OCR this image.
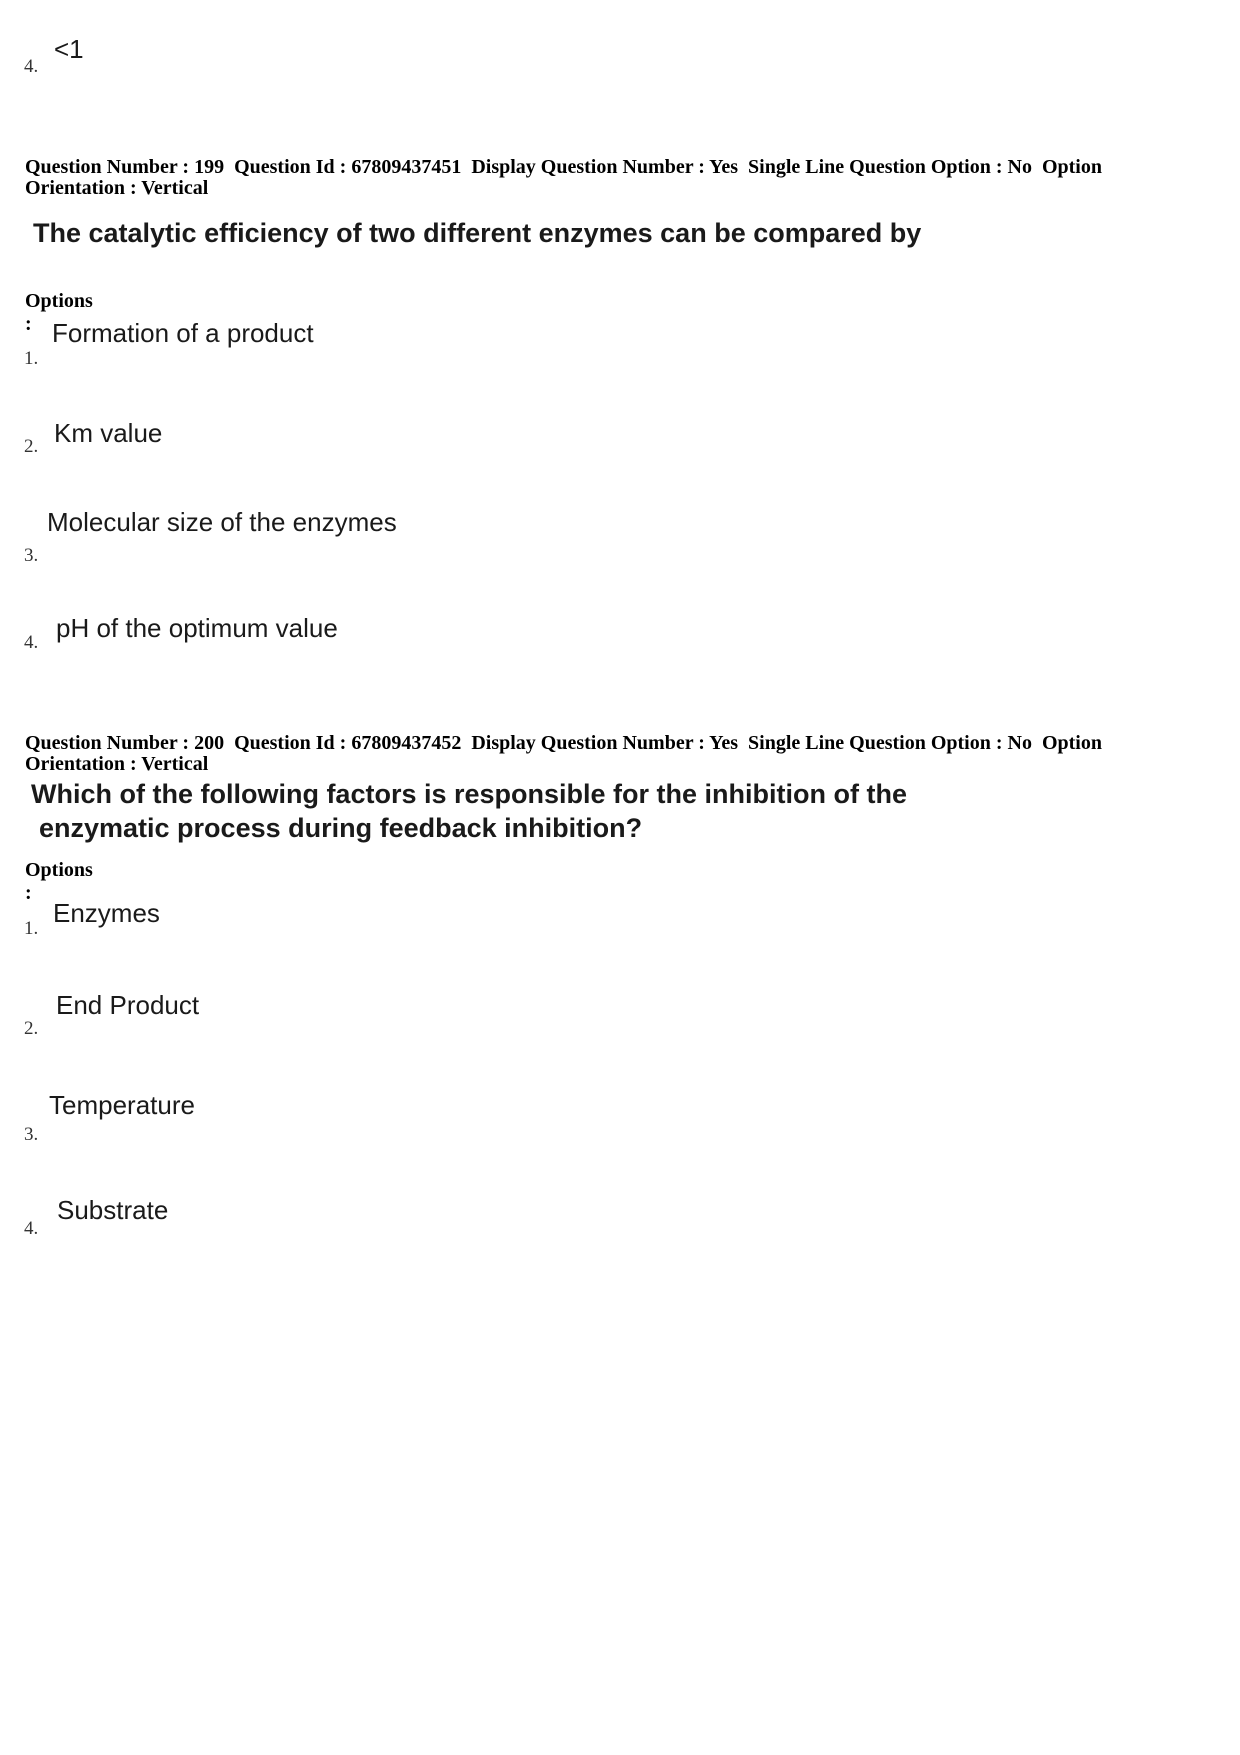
4.
<1
Question Number : 199  Question Id : 67809437451  Display Question Number : Yes  Single Line Question Option : No  Option
Orientation : Vertical
The catalytic efficiency of two different enzymes can be compared by
Options :
1.
Formation of a product
2. Km value
3.
Molecular size of the enzymes
4. pH of the optimum value
Question Number : 200  Question Id : 67809437452  Display Question Number : Yes  Single Line Question Option : No  Option
Orientation : Vertical
Which of the following factors is responsible for the inhibition of the
enzymatic process during feedback inhibition?
Options :
1.
Enzymes
2.
End Product
3.
Temperature
4.
Substrate
